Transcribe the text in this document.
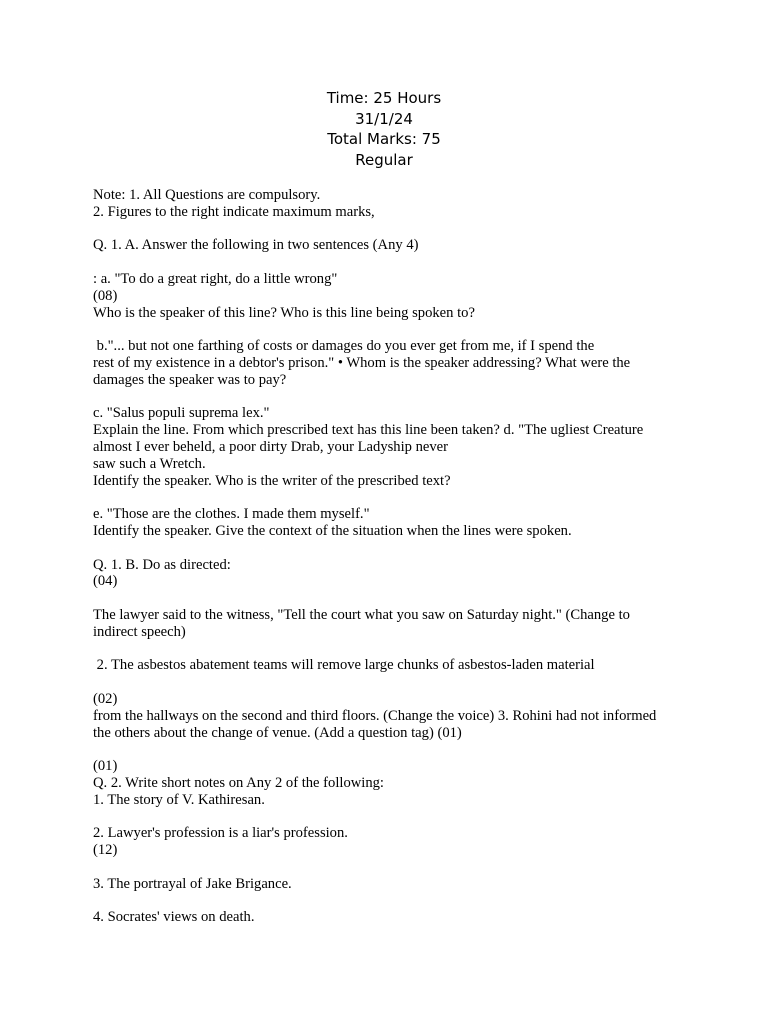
Time: 25 Hours
31/1/24
Total Marks: 75
Regular
Note: 1. All Questions are compulsory.
2. Figures to the right indicate maximum marks,
Q. 1. A. Answer the following in two sentences (Any 4)
: a. "To do a great right, do a little wrong"
(08)
Who is the speaker of this line? Who is this line being spoken to?
b."... but not one farthing of costs or damages do you ever get from me, if I spend the
rest of my existence in a debtor's prison." • Whom is the speaker addressing? What were the
damages the speaker was to pay?
c. "Salus populi suprema lex."
Explain the line. From which prescribed text has this line been taken? d. "The ugliest Creature
almost I ever beheld, a poor dirty Drab, your Ladyship never
saw such a Wretch.
Identify the speaker. Who is the writer of the prescribed text?
e. "Those are the clothes. I made them myself."
Identify the speaker. Give the context of the situation when the lines were spoken.
Q. 1. B. Do as directed:
(04)
The lawyer said to the witness, "Tell the court what you saw on Saturday night." (Change to
indirect speech)
2. The asbestos abatement teams will remove large chunks of asbestos-laden material
(02)
from the hallways on the second and third floors. (Change the voice) 3. Rohini had not informed
the others about the change of venue. (Add a question tag) (01)
(01)
Q. 2. Write short notes on Any 2 of the following:
1. The story of V. Kathiresan.
2. Lawyer's profession is a liar's profession.
(12)
3. The portrayal of Jake Brigance.
4. Socrates' views on death.
